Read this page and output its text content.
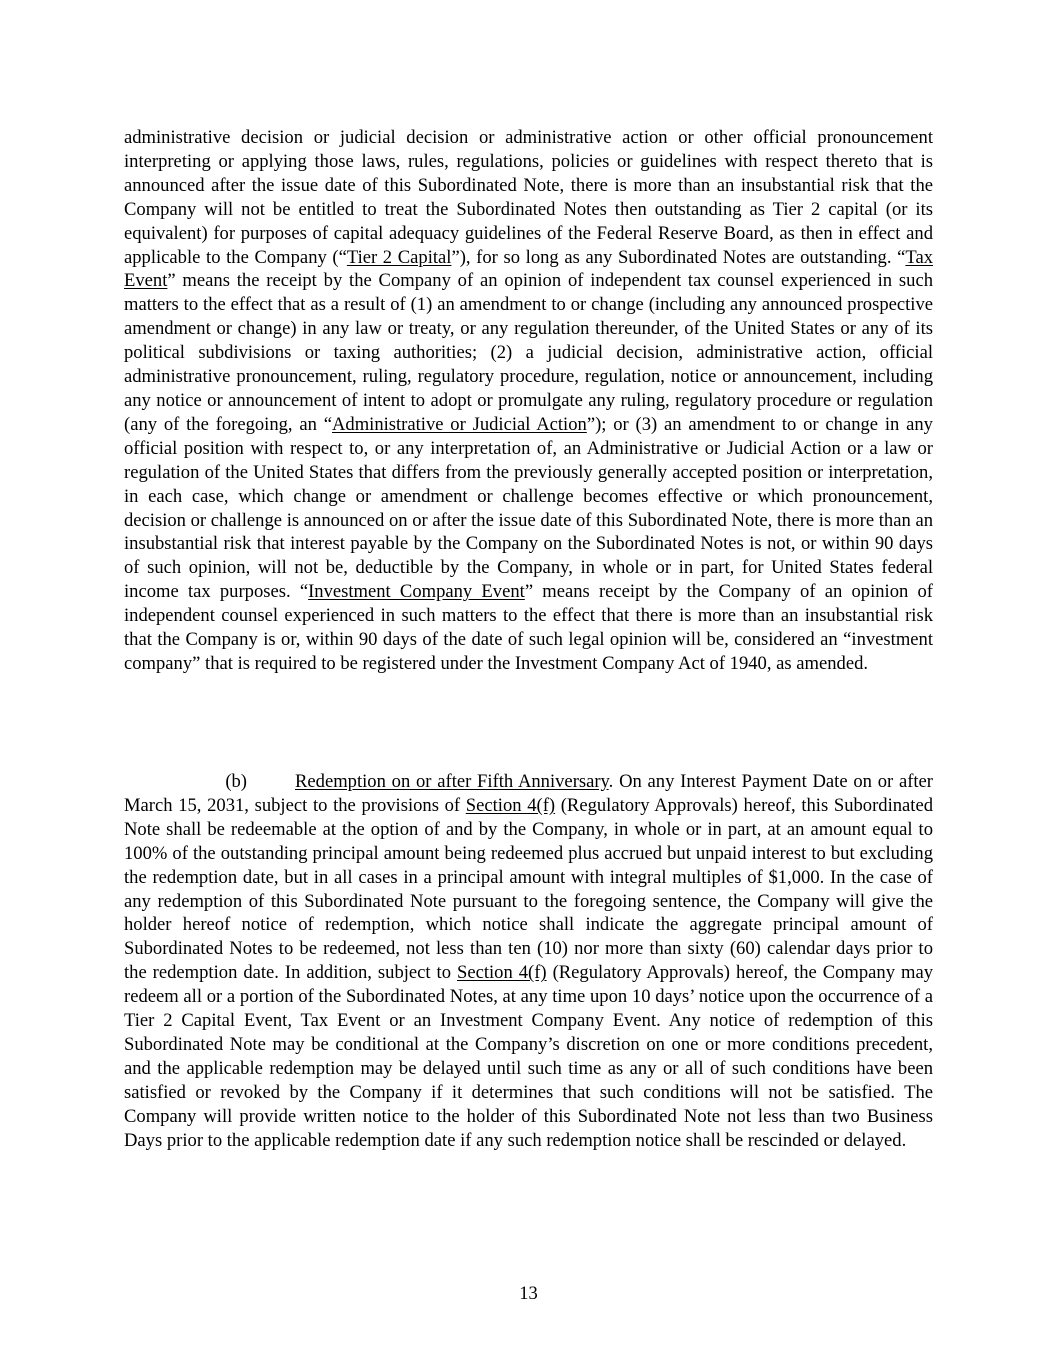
administrative decision or judicial decision or administrative action or other official pronouncement interpreting or applying those laws, rules, regulations, policies or guidelines with respect thereto that is announced after the issue date of this Subordinated Note, there is more than an insubstantial risk that the Company will not be entitled to treat the Subordinated Notes then outstanding as Tier 2 capital (or its equivalent) for purposes of capital adequacy guidelines of the Federal Reserve Board, as then in effect and applicable to the Company (“Tier 2 Capital”), for so long as any Subordinated Notes are outstanding. “Tax Event” means the receipt by the Company of an opinion of independent tax counsel experienced in such matters to the effect that as a result of (1) an amendment to or change (including any announced prospective amendment or change) in any law or treaty, or any regulation thereunder, of the United States or any of its political subdivisions or taxing authorities; (2) a judicial decision, administrative action, official administrative pronouncement, ruling, regulatory procedure, regulation, notice or announcement, including any notice or announcement of intent to adopt or promulgate any ruling, regulatory procedure or regulation (any of the foregoing, an “Administrative or Judicial Action”); or (3) an amendment to or change in any official position with respect to, or any interpretation of, an Administrative or Judicial Action or a law or regulation of the United States that differs from the previously generally accepted position or interpretation, in each case, which change or amendment or challenge becomes effective or which pronouncement, decision or challenge is announced on or after the issue date of this Subordinated Note, there is more than an insubstantial risk that interest payable by the Company on the Subordinated Notes is not, or within 90 days of such opinion, will not be, deductible by the Company, in whole or in part, for United States federal income tax purposes. “Investment Company Event” means receipt by the Company of an opinion of independent counsel experienced in such matters to the effect that there is more than an insubstantial risk that the Company is or, within 90 days of the date of such legal opinion will be, considered an “investment company” that is required to be registered under the Investment Company Act of 1940, as amended.

(b)	Redemption on or after Fifth Anniversary. On any Interest Payment Date on or after March 15, 2031, subject to the provisions of Section 4(f) (Regulatory Approvals) hereof, this Subordinated Note shall be redeemable at the option of and by the Company, in whole or in part, at an amount equal to 100% of the outstanding principal amount being redeemed plus accrued but unpaid interest to but excluding the redemption date, but in all cases in a principal amount with integral multiples of $1,000. In the case of any redemption of this Subordinated Note pursuant to the foregoing sentence, the Company will give the holder hereof notice of redemption, which notice shall indicate the aggregate principal amount of Subordinated Notes to be redeemed, not less than ten (10) nor more than sixty (60) calendar days prior to the redemption date. In addition, subject to Section 4(f) (Regulatory Approvals) hereof, the Company may redeem all or a portion of the Subordinated Notes, at any time upon 10 days’ notice upon the occurrence of a Tier 2 Capital Event, Tax Event or an Investment Company Event. Any notice of redemption of this Subordinated Note may be conditional at the Company’s discretion on one or more conditions precedent, and the applicable redemption may be delayed until such time as any or all of such conditions have been satisfied or revoked by the Company if it determines that such conditions will not be satisfied. The Company will provide written notice to the holder of this Subordinated Note not less than two Business Days prior to the applicable redemption date if any such redemption notice shall be rescinded or delayed.

13
